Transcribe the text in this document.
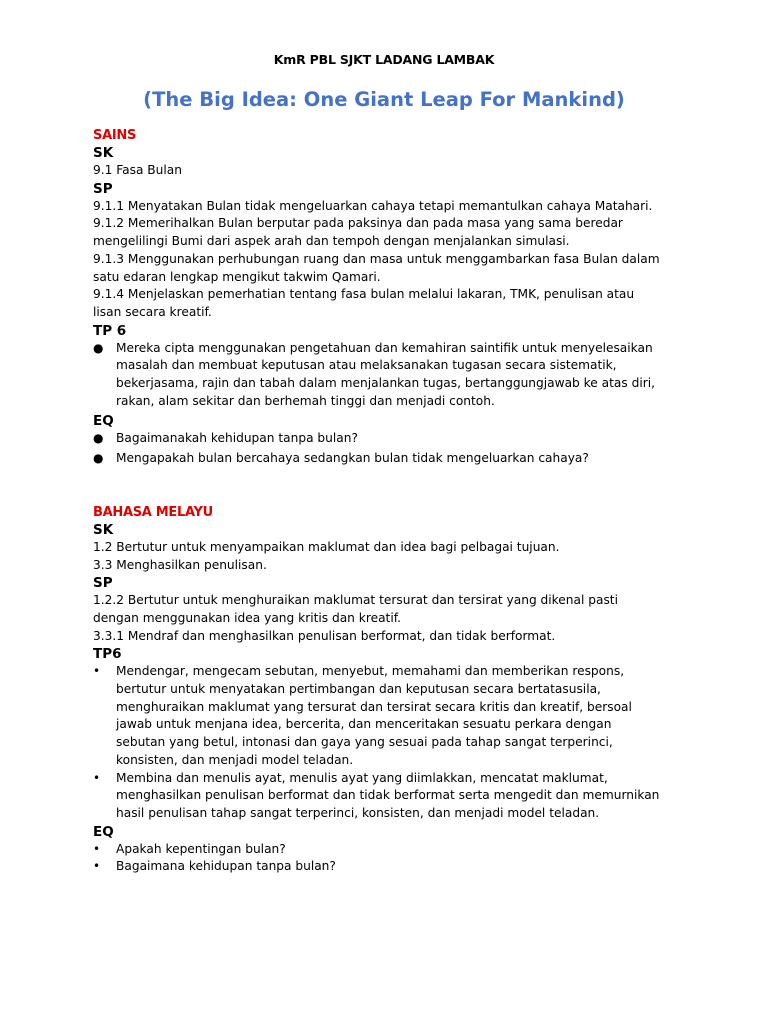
KmR PBL SJKT LADANG LAMBAK
(The Big Idea: One Giant Leap For Mankind)
SAINS
SK
9.1 Fasa Bulan
SP
9.1.1 Menyatakan Bulan tidak mengeluarkan cahaya tetapi memantulkan cahaya Matahari.
9.1.2 Memerihalkan Bulan berputar pada paksinya dan pada masa yang sama beredar
mengelilingi Bumi dari aspek arah dan tempoh dengan menjalankan simulasi.
9.1.3 Menggunakan perhubungan ruang dan masa untuk menggambarkan fasa Bulan dalam
satu edaran lengkap mengikut takwim Qamari.
9.1.4 Menjelaskan pemerhatian tentang fasa bulan melalui lakaran, TMK, penulisan atau
lisan secara kreatif.
TP 6
● Mereka cipta menggunakan pengetahuan dan kemahiran saintifik untuk menyelesaikan
masalah dan membuat keputusan atau melaksanakan tugasan secara sistematik,
bekerjasama, rajin dan tabah dalam menjalankan tugas, bertanggungjawab ke atas diri,
rakan, alam sekitar dan berhemah tinggi dan menjadi contoh.
EQ
● Bagaimanakah kehidupan tanpa bulan?
● Mengapakah bulan bercahaya sedangkan bulan tidak mengeluarkan cahaya?
BAHASA MELAYU
SK
1.2 Bertutur untuk menyampaikan maklumat dan idea bagi pelbagai tujuan.
3.3 Menghasilkan penulisan.
SP
1.2.2 Bertutur untuk menghuraikan maklumat tersurat dan tersirat yang dikenal pasti
dengan menggunakan idea yang kritis dan kreatif.
3.3.1 Mendraf dan menghasilkan penulisan berformat, dan tidak berformat.
TP6
• Mendengar, mengecam sebutan, menyebut, memahami dan memberikan respons,
bertutur untuk menyatakan pertimbangan dan keputusan secara bertatasusila,
menghuraikan maklumat yang tersurat dan tersirat secara kritis dan kreatif, bersoal
jawab untuk menjana idea, bercerita, dan menceritakan sesuatu perkara dengan
sebutan yang betul, intonasi dan gaya yang sesuai pada tahap sangat terperinci,
konsisten, dan menjadi model teladan.
• Membina dan menulis ayat, menulis ayat yang diimlakkan, mencatat maklumat,
menghasilkan penulisan berformat dan tidak berformat serta mengedit dan memurnikan
hasil penulisan tahap sangat terperinci, konsisten, dan menjadi model teladan.
EQ
• Apakah kepentingan bulan?
• Bagaimana kehidupan tanpa bulan?
